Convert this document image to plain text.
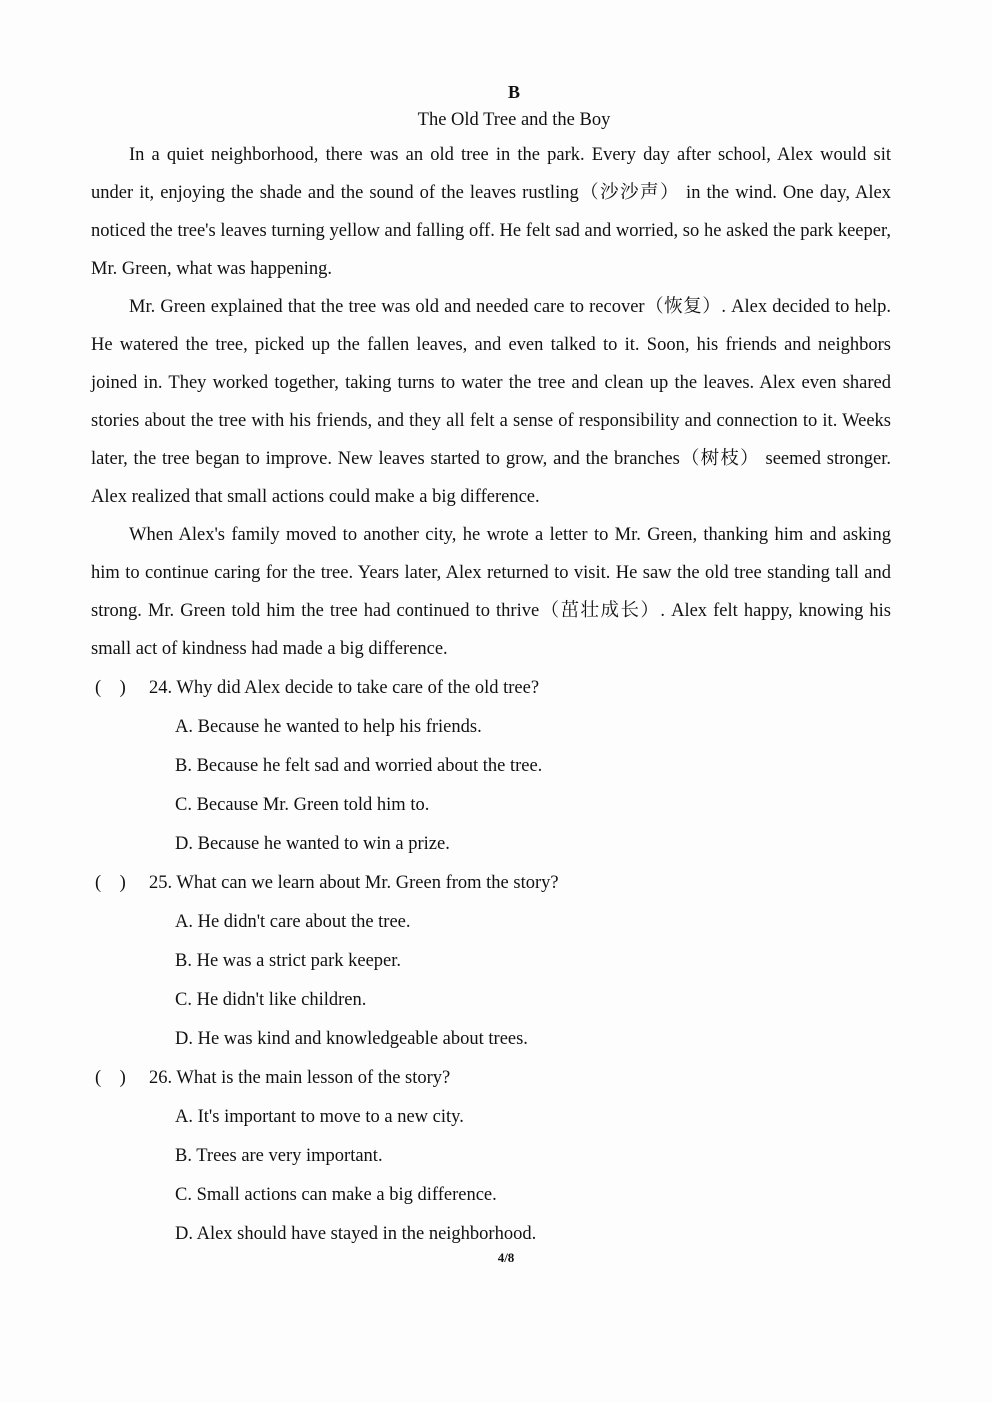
B
The Old Tree and the Boy

In a quiet neighborhood, there was an old tree in the park. Every day after school, Alex would sit under it, enjoying the shade and the sound of the leaves rustling（沙沙声） in the wind. One day, Alex noticed the tree's leaves turning yellow and falling off. He felt sad and worried, so he asked the park keeper, Mr. Green, what was happening.

Mr. Green explained that the tree was old and needed care to recover（恢复）. Alex decided to help. He watered the tree, picked up the fallen leaves, and even talked to it. Soon, his friends and neighbors joined in. They worked together, taking turns to water the tree and clean up the leaves. Alex even shared stories about the tree with his friends, and they all felt a sense of responsibility and connection to it. Weeks later, the tree began to improve. New leaves started to grow, and the branches（树枝） seemed stronger. Alex realized that small actions could make a big difference.

When Alex's family moved to another city, he wrote a letter to Mr. Green, thanking him and asking him to continue caring for the tree. Years later, Alex returned to visit. He saw the old tree standing tall and strong. Mr. Green told him the tree had continued to thrive（茁壮成长）. Alex felt happy, knowing his small act of kindness had made a big difference.

(　) 24. Why did Alex decide to take care of the old tree?
A. Because he wanted to help his friends.
B. Because he felt sad and worried about the tree.
C. Because Mr. Green told him to.
D. Because he wanted to win a prize.
(　) 25. What can we learn about Mr. Green from the story?
A. He didn't care about the tree.
B. He was a strict park keeper.
C. He didn't like children.
D. He was kind and knowledgeable about trees.
(　) 26. What is the main lesson of the story?
A. It's important to move to a new city.
B. Trees are very important.
C. Small actions can make a big difference.
D. Alex should have stayed in the neighborhood.
4/8
